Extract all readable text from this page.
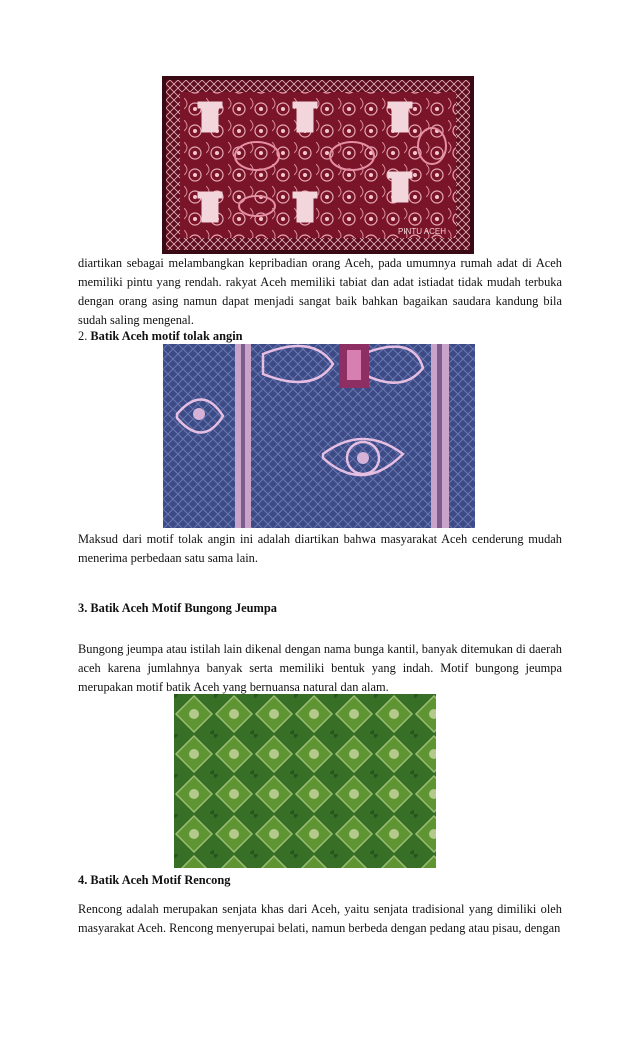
PINTU ACEH

diartikan sebagai melambangkan kepribadian orang Aceh, pada umumnya rumah adat di Aceh memiliki pintu yang rendah. rakyat Aceh memiliki tabiat dan adat istiadat tidak mudah terbuka dengan orang asing namun dapat menjadi sangat baik bahkan bagaikan saudara kandung bila sudah saling mengenal.

2. Batik Aceh motif tolak angin

Maksud dari motif tolak angin ini adalah diartikan bahwa masyarakat Aceh cenderung mudah menerima perbedaan satu sama lain.

3. Batik Aceh Motif Bungong Jeumpa

Bungong jeumpa atau istilah lain dikenal dengan nama bunga kantil, banyak ditemukan di daerah aceh karena jumlahnya banyak serta memiliki bentuk yang indah. Motif bungong jeumpa merupakan motif batik Aceh yang bernuansa natural dan alam.

4. Batik Aceh Motif Rencong

Rencong adalah merupakan senjata khas dari Aceh, yaitu senjata tradisional yang dimiliki oleh masyarakat Aceh. Rencong menyerupai belati, namun berbeda dengan pedang atau pisau, dengan
